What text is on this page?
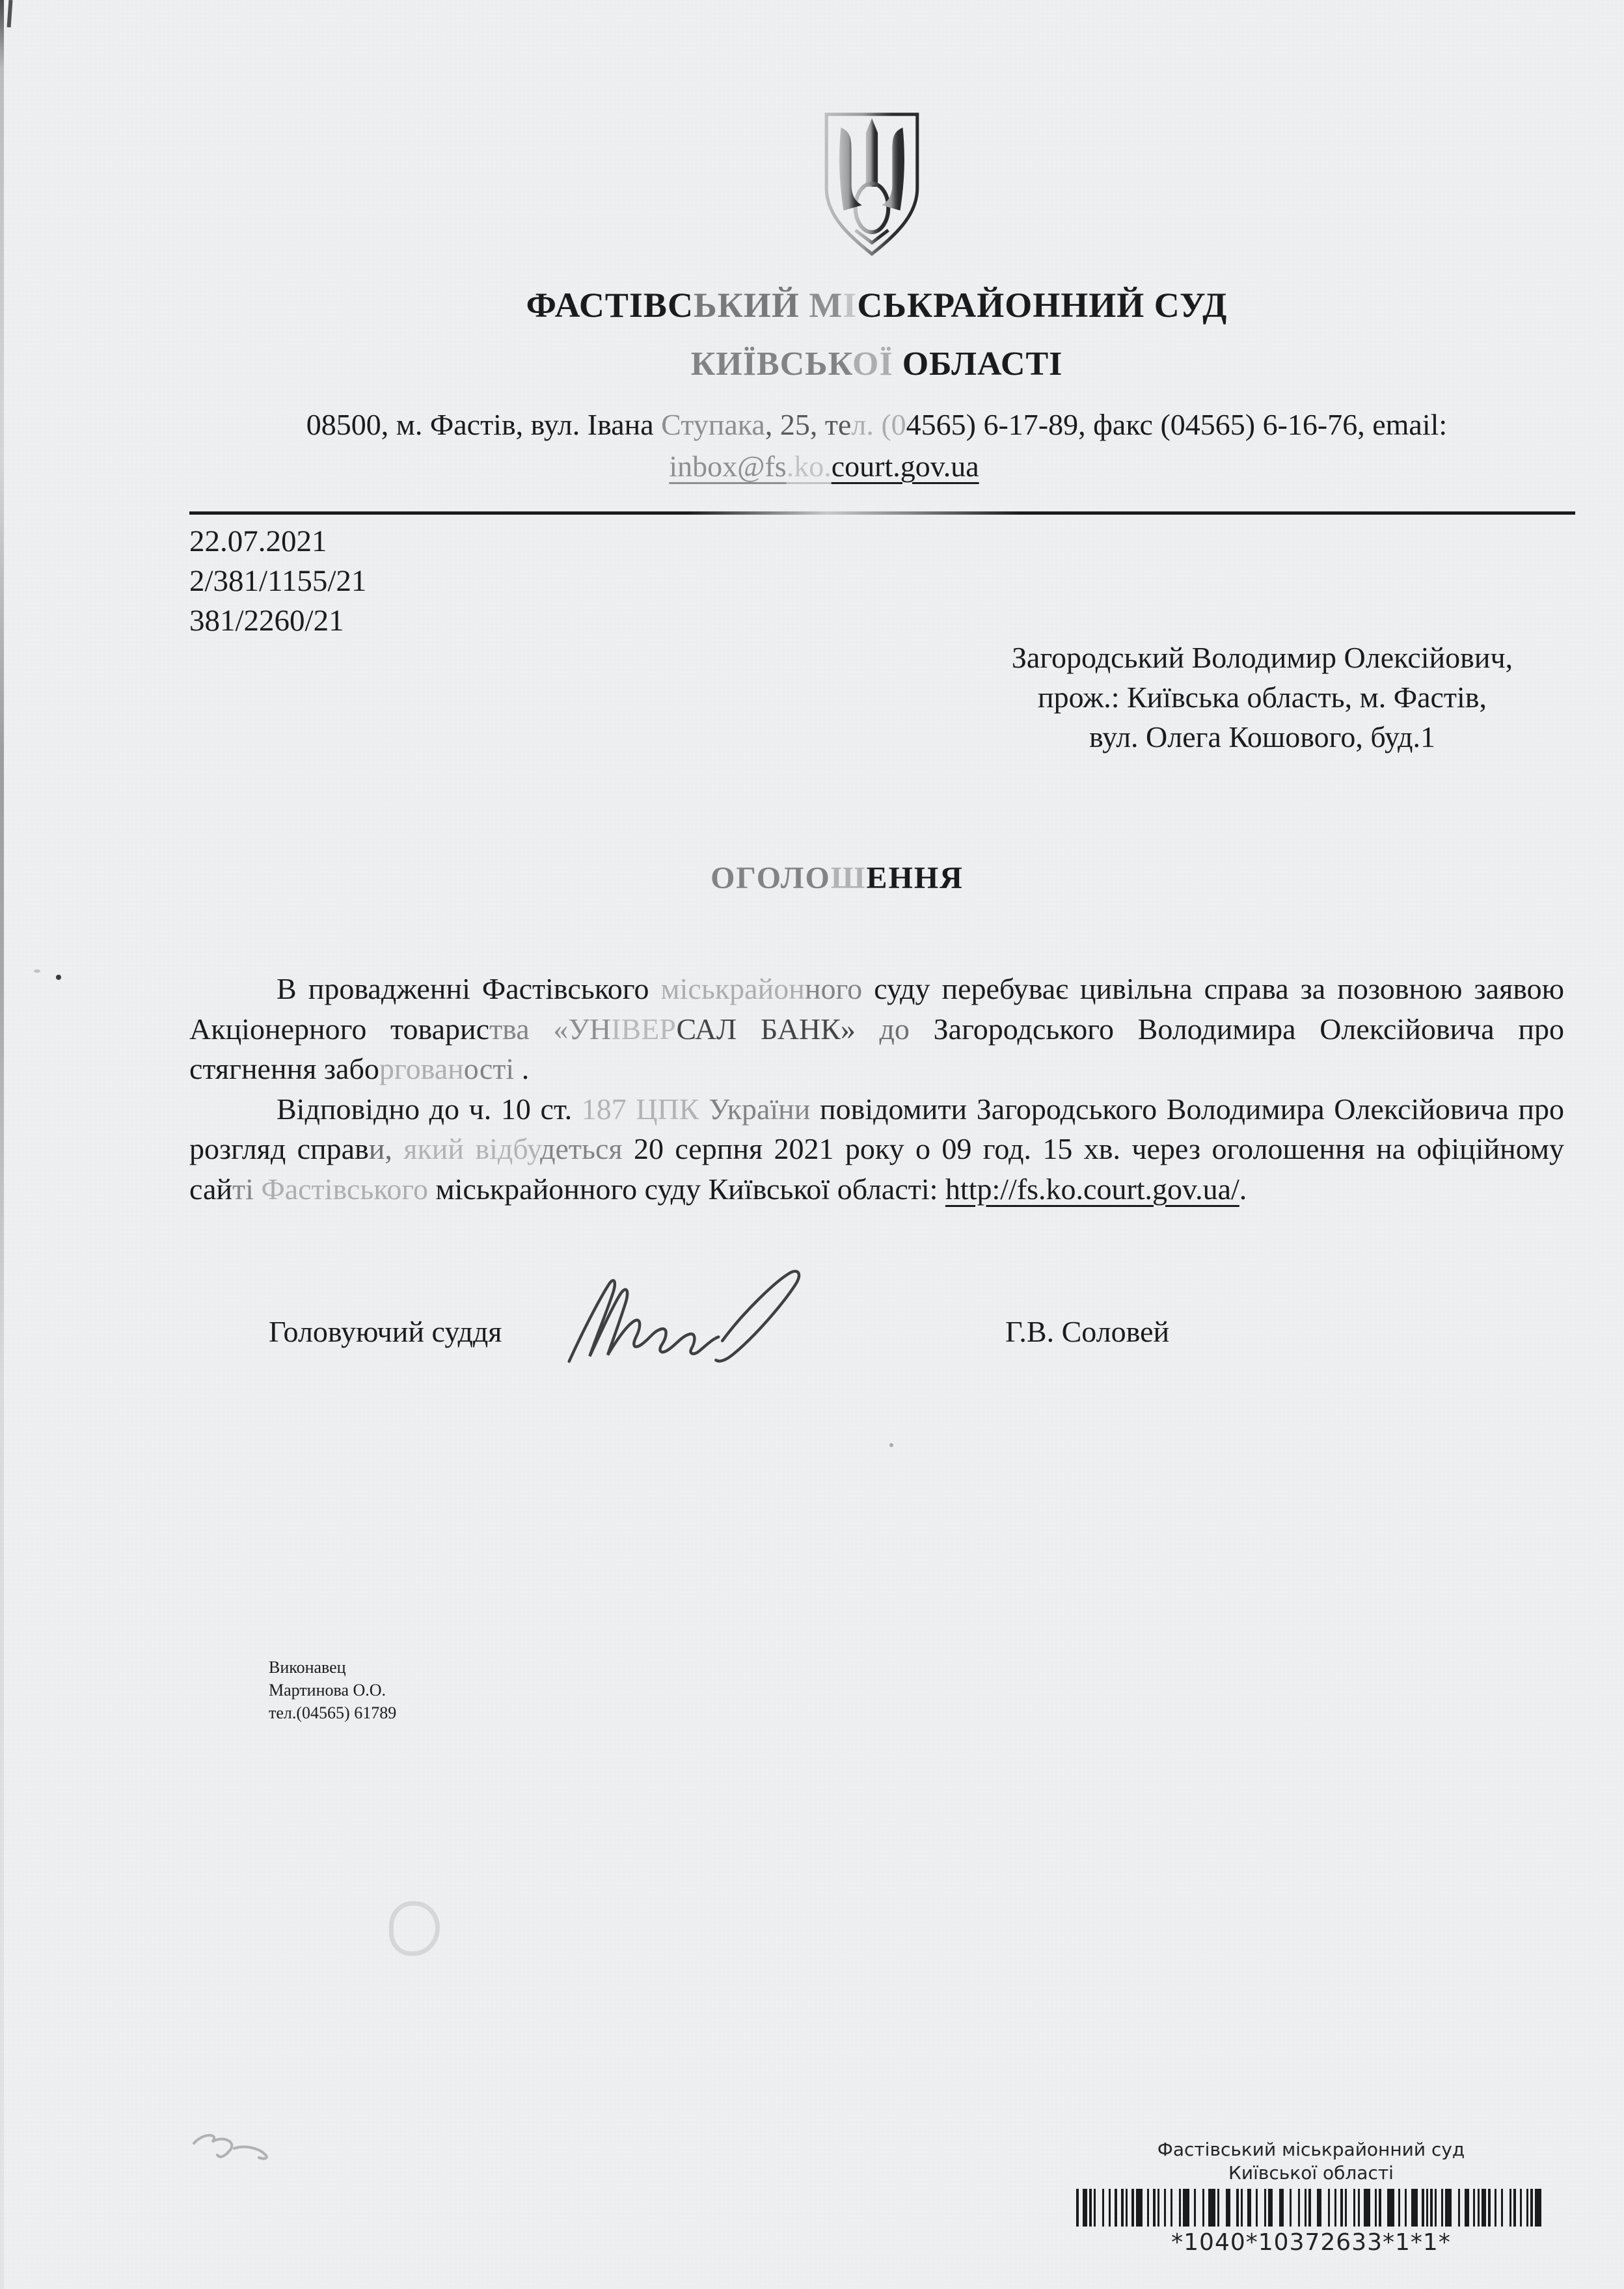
ФАСТІВСЬКИЙ МІСЬКРАЙОННИЙ СУД
КИЇВСЬКОЇ ОБЛАСТІ
08500, м. Фастів, вул. Івана Ступака, 25, тел. (04565) 6-17-89, факс (04565) 6-16-76, email:
inbox@fs.ko.court.gov.ua
22.07.2021
2/381/1155/21
381/2260/21
Загородський Володимир Олексійович,
прож.: Київська область, м. Фастів,
вул. Олега Кошового, буд.1
ОГОЛОШЕННЯ

В провадженні Фастівського міськрайонного суду перебуває цивільна справа за позовною заявою Акціонерного товариства «УНІВЕРСАЛ БАНК» до Загородського Володимира Олексійовича про стягнення заборгованості .

Відповідно до ч. 10 ст. 187 ЦПК України повідомити Загородського Володимира Олексійовича про розгляд справи, який відбудеться 20 серпня 2021 року о 09 год. 15 хв. через оголошення на офіційному сайті Фастівського міськрайонного суду Київської області: http://fs.ko.court.gov.ua/.

Головуючий суддя	Г.В. Соловей
Виконавец
Мартинова О.О.
тел.(04565) 61789
Фастівський міськрайонний суд
Київської області
*1040*10372633*1*1*
